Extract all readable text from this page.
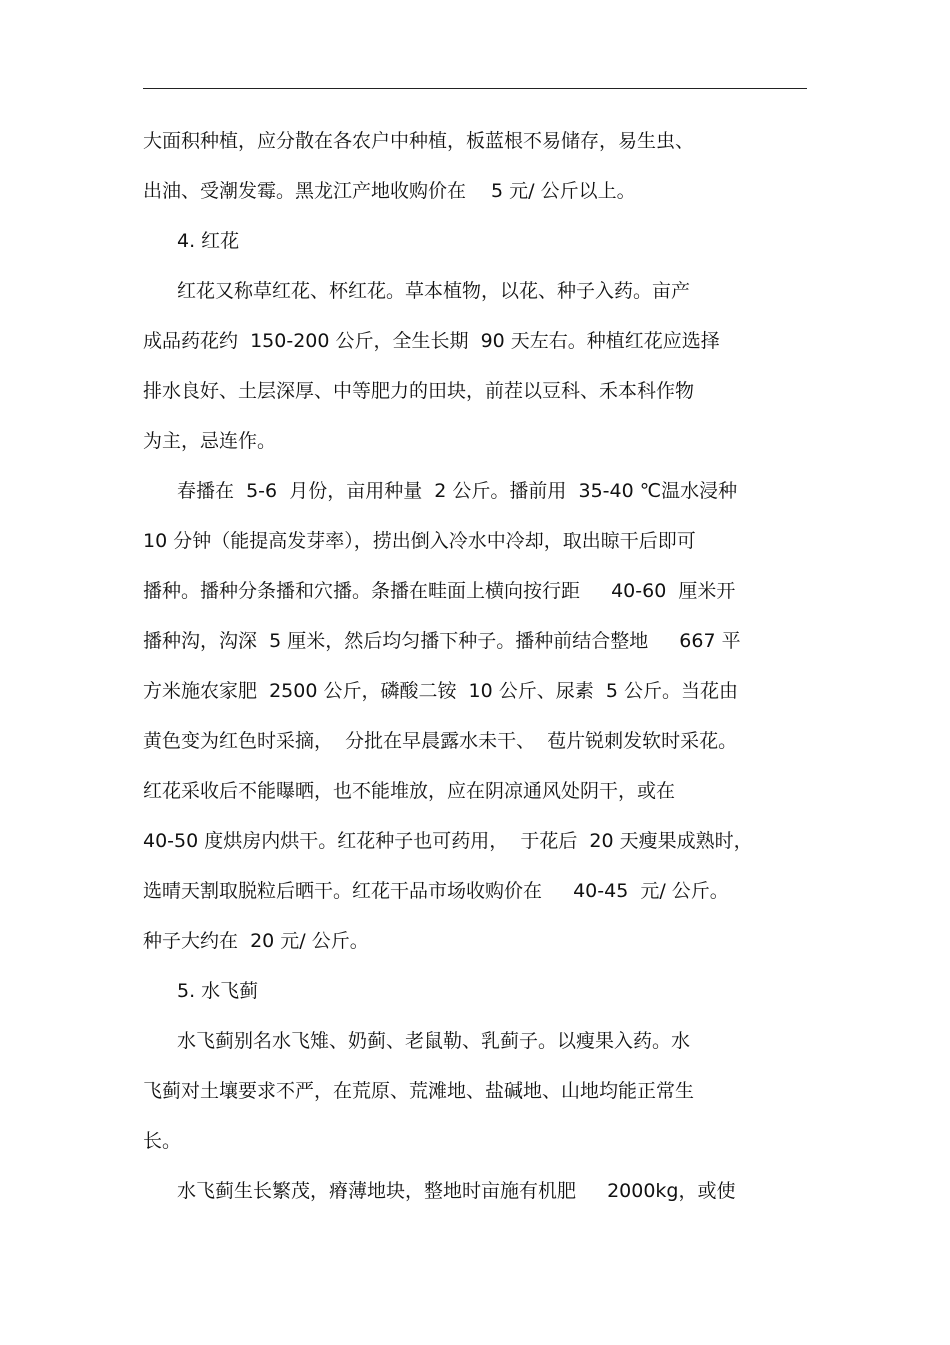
大面积种植，应分散在各农户中种植，板蓝根不易储存，易生虫、
出油、受潮发霉。黑龙江产地收购价在　 5 元/ 公斤以上。
4. 红花
红花又称草红花、杯红花。草本植物，以花、种子入药。亩产
成品药花约  150-200 公斤，全生长期  90 天左右。种植红花应选择
排水良好、土层深厚、中等肥力的田块，前茬以豆科、禾本科作物
为主，忌连作。
春播在  5-6  月份，亩用种量  2 公斤。播前用  35-40 ℃温水浸种
10 分钟（能提高发芽率），捞出倒入冷水中冷却，取出晾干后即可
播种。播种分条播和穴播。条播在畦面上横向按行距　  40-60  厘米开
播种沟，沟深  5 厘米，然后均匀播下种子。播种前结合整地　  667 平
方米施农家肥  2500 公斤，磷酸二铵  10 公斤、尿素  5 公斤。当花由
黄色变为红色时采摘，  分批在早晨露水未干、  苞片锐刺发软时采花。
红花采收后不能曝晒，也不能堆放，应在阴凉通风处阴干，或在
40-50 度烘房内烘干。红花种子也可药用，  于花后  20 天瘦果成熟时，
选晴天割取脱粒后晒干。红花干品市场收购价在　  40-45  元/ 公斤。
种子大约在  20 元/ 公斤。
5. 水飞蓟
水飞蓟别名水飞雉、奶蓟、老鼠勒、乳蓟子。以瘦果入药。水
飞蓟对土壤要求不严，在荒原、荒滩地、盐碱地、山地均能正常生
长。
水飞蓟生长繁茂，瘠薄地块，整地时亩施有机肥　  2000kg，或使
